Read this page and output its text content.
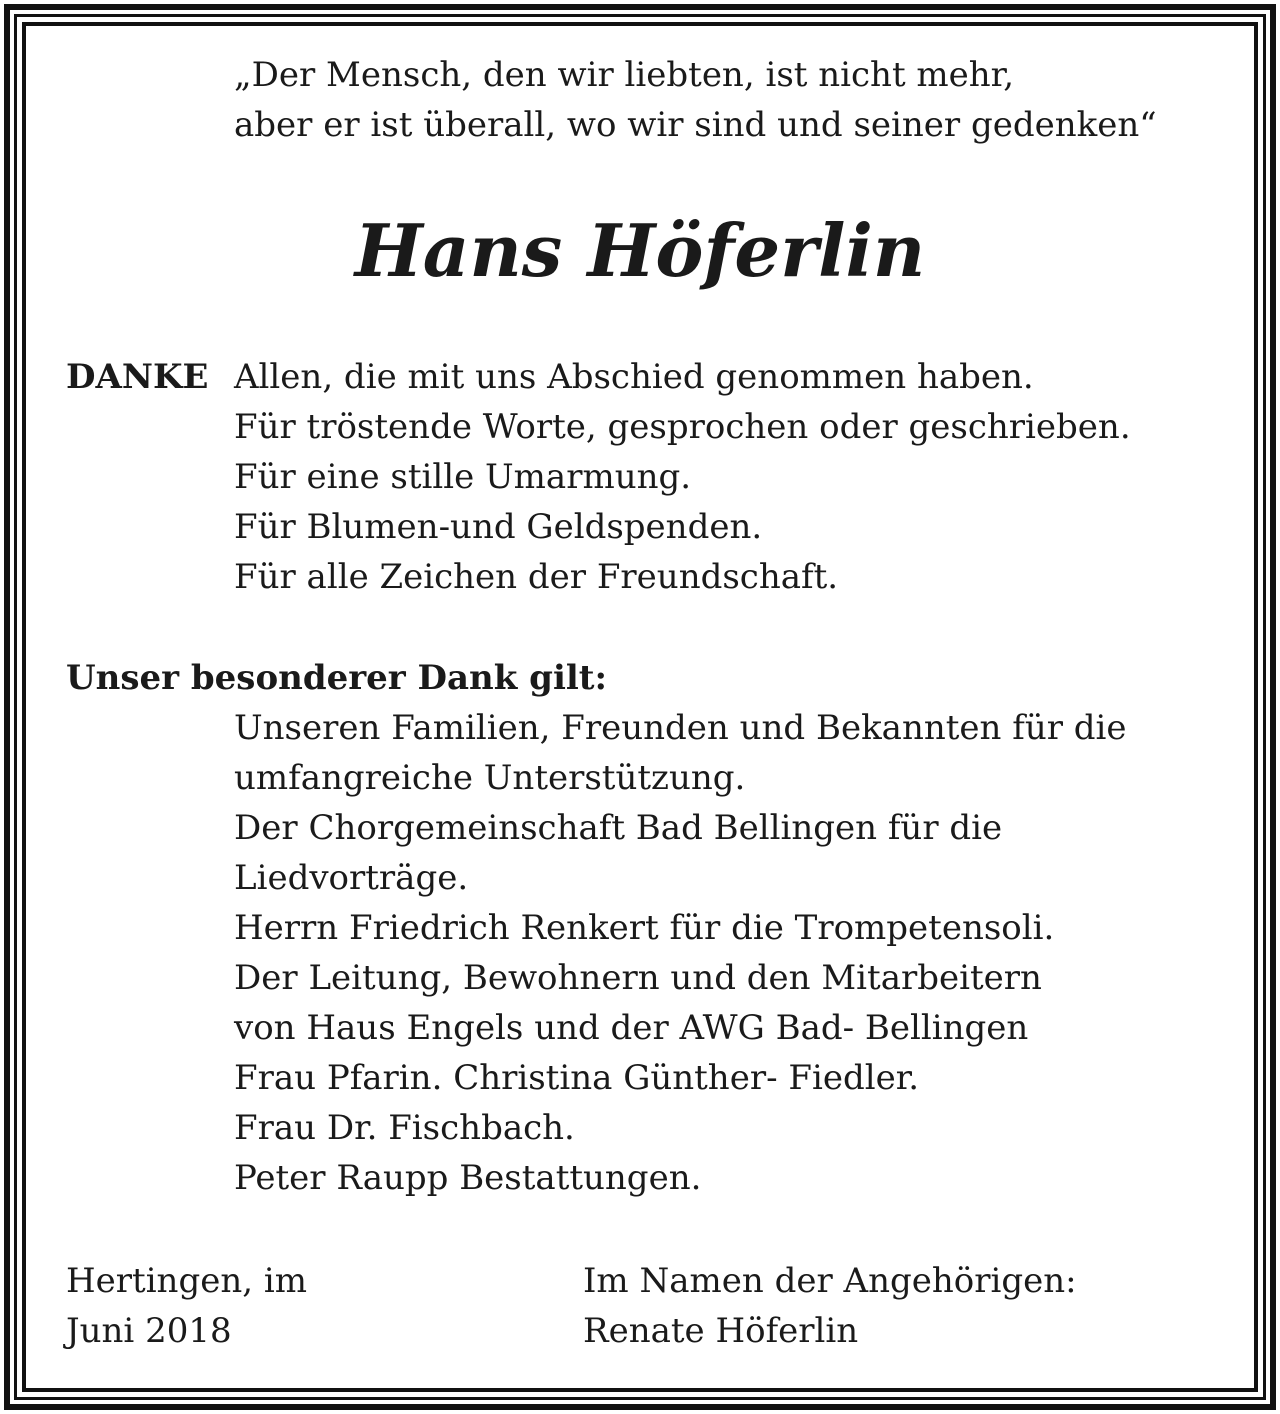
„Der Mensch, den wir liebten, ist nicht mehr,
aber er ist überall, wo wir sind und seiner gedenken“
Hans Höferlin
DANKE Allen, die mit uns Abschied genommen haben.
Für tröstende Worte, gesprochen oder geschrieben.
Für eine stille Umarmung.
Für Blumen-und Geldspenden.
Für alle Zeichen der Freundschaft.
Unser besonderer Dank gilt:
Unseren Familien, Freunden und Bekannten für die
umfangreiche Unterstützung.
Der Chorgemeinschaft Bad Bellingen für die
Liedvorträge.
Herrn Friedrich Renkert für die Trompetensoli.
Der Leitung, Bewohnern und den Mitarbeitern
von Haus Engels und der AWG Bad- Bellingen
Frau Pfarin. Christina Günther- Fiedler.
Frau Dr. Fischbach.
Peter Raupp Bestattungen.
Hertingen, im
Juni 2018
Im Namen der Angehörigen:
Renate Höferlin
